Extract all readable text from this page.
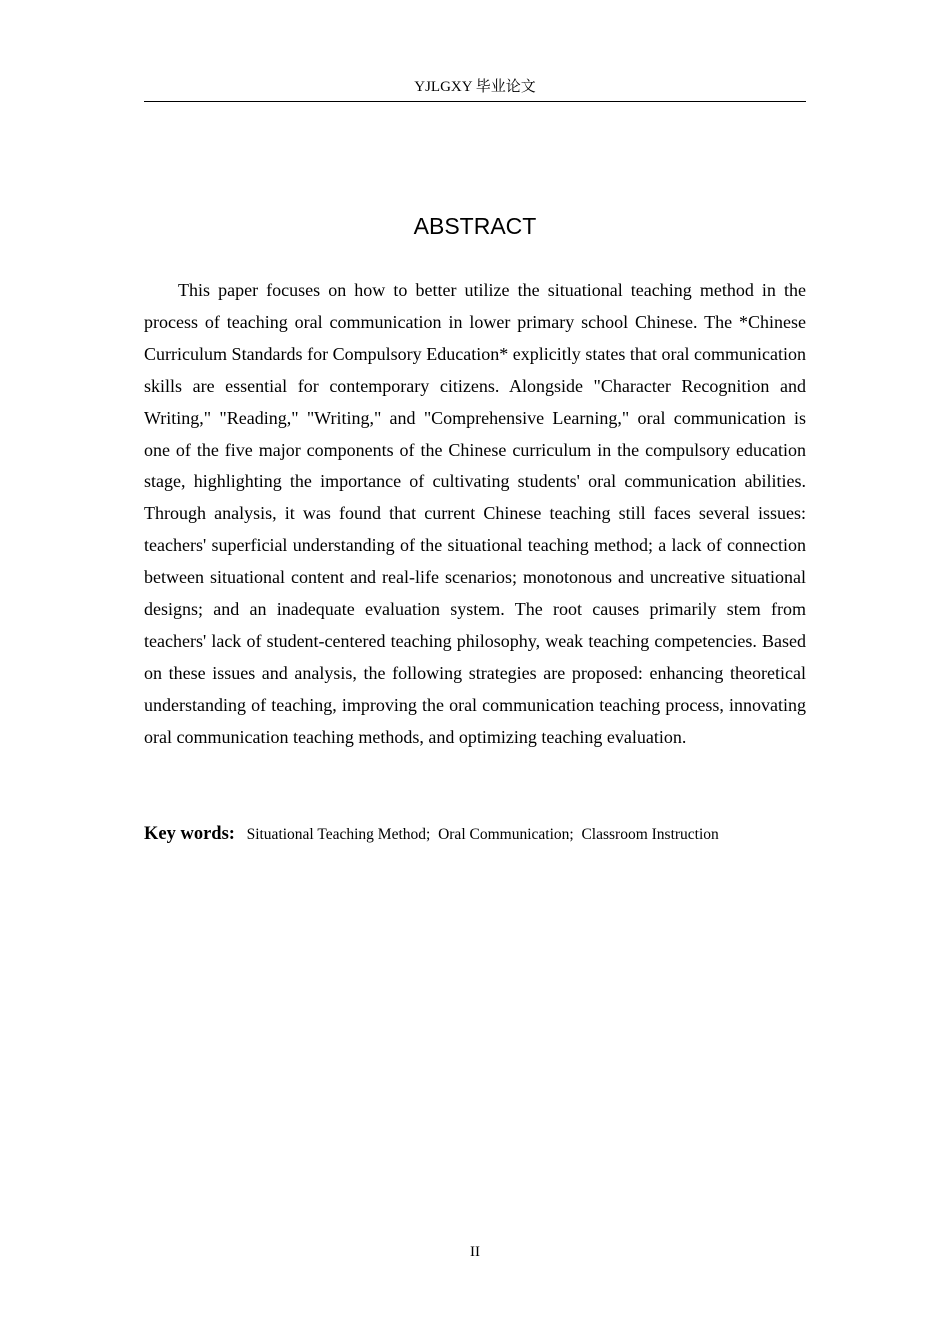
YJLGXY 毕业论文
ABSTRACT

This paper focuses on how to better utilize the situational teaching method in the process of teaching oral communication in lower primary school Chinese. The *Chinese Curriculum Standards for Compulsory Education* explicitly states that oral communication skills are essential for contemporary citizens. Alongside "Character Recognition and Writing," "Reading," "Writing," and "Comprehensive Learning," oral communication is one of the five major components of the Chinese curriculum in the compulsory education stage, highlighting the importance of cultivating students' oral communication abilities. Through analysis, it was found that current Chinese teaching still faces several issues: teachers' superficial understanding of the situational teaching method; a lack of connection between situational content and real-life scenarios; monotonous and uncreative situational designs; and an inadequate evaluation system. The root causes primarily stem from teachers' lack of student-centered teaching philosophy, weak teaching competencies. Based on these issues and analysis, the following strategies are proposed: enhancing theoretical understanding of teaching, improving the oral communication teaching process, innovating oral communication teaching methods, and optimizing teaching evaluation.

Key words: Situational Teaching Method; Oral Communication; Classroom Instruction
II
